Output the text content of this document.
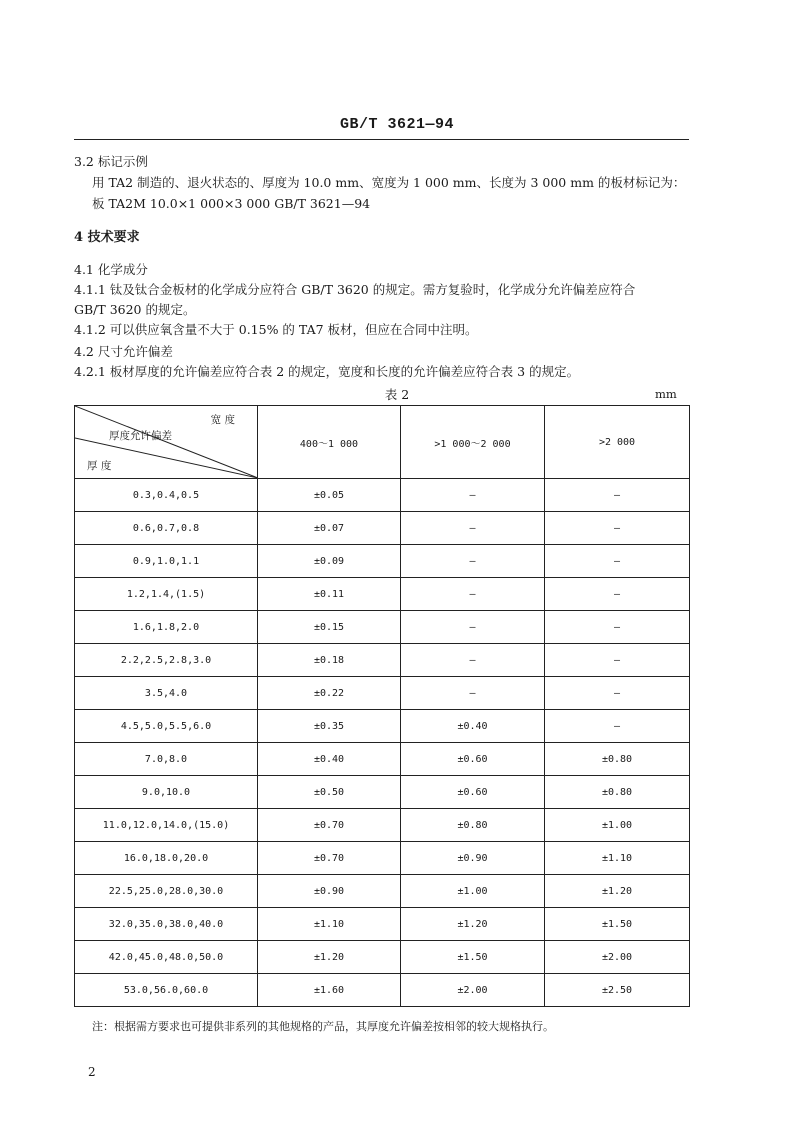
GB/T 3621—94
3.2 标记示例
用 TA2 制造的、退火状态的、厚度为 10.0 mm、宽度为 1 000 mm、长度为 3 000 mm 的板材标记为：
板 TA2M 10.0×1 000×3 000 GB/T 3621—94
4 技术要求
4.1 化学成分
4.1.1 钛及钛合金板材的化学成分应符合 GB/T 3620 的规定。需方复验时，化学成分允许偏差应符合
GB/T 3620 的规定。
4.1.2 可以供应氧含量不大于 0.15% 的 TA7 板材，但应在合同中注明。
4.2 尺寸允许偏差
4.2.1 板材厚度的允许偏差应符合表 2 的规定，宽度和长度的允许偏差应符合表 3 的规定。
表 2	mm
宽 度
厚度允许偏差
厚 度	400～1 000	>1 000～2 000	>2 000
0.3,0.4,0.5	±0.05	—	—
0.6,0.7,0.8	±0.07	—	—
0.9,1.0,1.1	±0.09	—	—
1.2,1.4,(1.5)	±0.11	—	—
1.6,1.8,2.0	±0.15	—	—
2.2,2.5,2.8,3.0	±0.18	—	—
3.5,4.0	±0.22	—	—
4.5,5.0,5.5,6.0	±0.35	±0.40	—
7.0,8.0	±0.40	±0.60	±0.80
9.0,10.0	±0.50	±0.60	±0.80
11.0,12.0,14.0,(15.0)	±0.70	±0.80	±1.00
16.0,18.0,20.0	±0.70	±0.90	±1.10
22.5,25.0,28.0,30.0	±0.90	±1.00	±1.20
32.0,35.0,38.0,40.0	±1.10	±1.20	±1.50
42.0,45.0,48.0,50.0	±1.20	±1.50	±2.00
53.0,56.0,60.0	±1.60	±2.00	±2.50
注：根据需方要求也可提供非系列的其他规格的产品，其厚度允许偏差按相邻的较大规格执行。
2
